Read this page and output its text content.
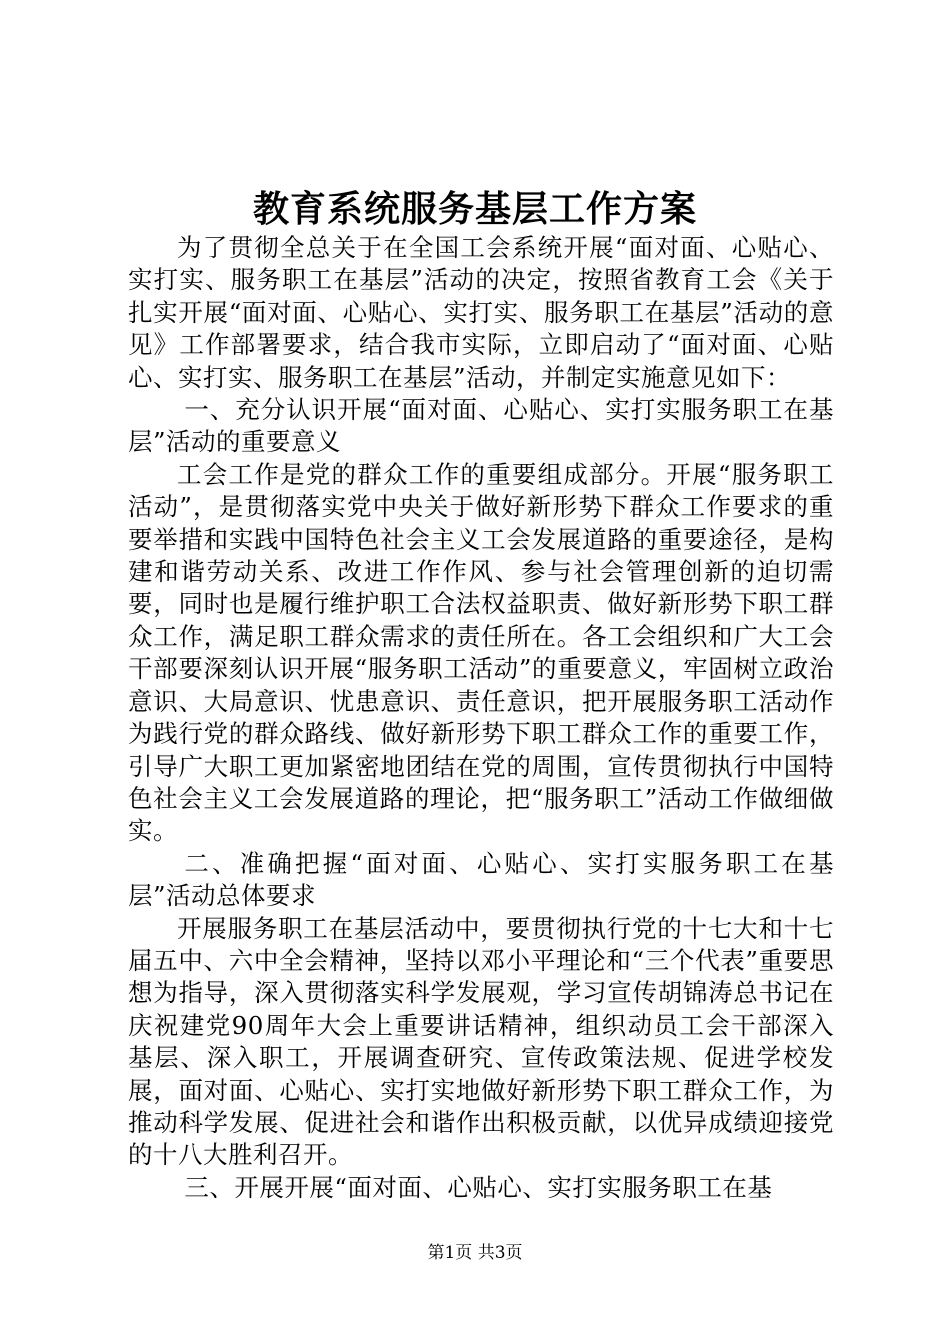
教育系统服务基层工作方案

为了贯彻全总关于在全国工会系统开展“面对面、心贴心、实打实、服务职工在基层”活动的决定，按照省教育工会《关于扎实开展“面对面、心贴心、实打实、服务职工在基层”活动的意见》工作部署要求，结合我市实际，立即启动了“面对面、心贴心、实打实、服务职工在基层”活动，并制定实施意见如下：

一、充分认识开展“面对面、心贴心、实打实服务职工在基层”活动的重要意义

工会工作是党的群众工作的重要组成部分。开展“服务职工活动”，是贯彻落实党中央关于做好新形势下群众工作要求的重要举措和实践中国特色社会主义工会发展道路的重要途径，是构建和谐劳动关系、改进工作作风、参与社会管理创新的迫切需要，同时也是履行维护职工合法权益职责、做好新形势下职工群众工作，满足职工群众需求的责任所在。各工会组织和广大工会干部要深刻认识开展“服务职工活动”的重要意义，牢固树立政治意识、大局意识、忧患意识、责任意识，把开展服务职工活动作为践行党的群众路线、做好新形势下职工群众工作的重要工作，引导广大职工更加紧密地团结在党的周围，宣传贯彻执行中国特色社会主义工会发展道路的理论，把“服务职工”活动工作做细做实。

二、准确把握“面对面、心贴心、实打实服务职工在基层”活动总体要求

开展服务职工在基层活动中，要贯彻执行党的十七大和十七届五中、六中全会精神，坚持以邓小平理论和“三个代表”重要思想为指导，深入贯彻落实科学发展观，学习宣传胡锦涛总书记在庆祝建党90周年大会上重要讲话精神，组织动员工会干部深入基层、深入职工，开展调查研究、宣传政策法规、促进学校发展，面对面、心贴心、实打实地做好新形势下职工群众工作，为推动科学发展、促进社会和谐作出积极贡献，以优异成绩迎接党的十八大胜利召开。

三、开展开展“面对面、心贴心、实打实服务职工在基

第1页 共3页
